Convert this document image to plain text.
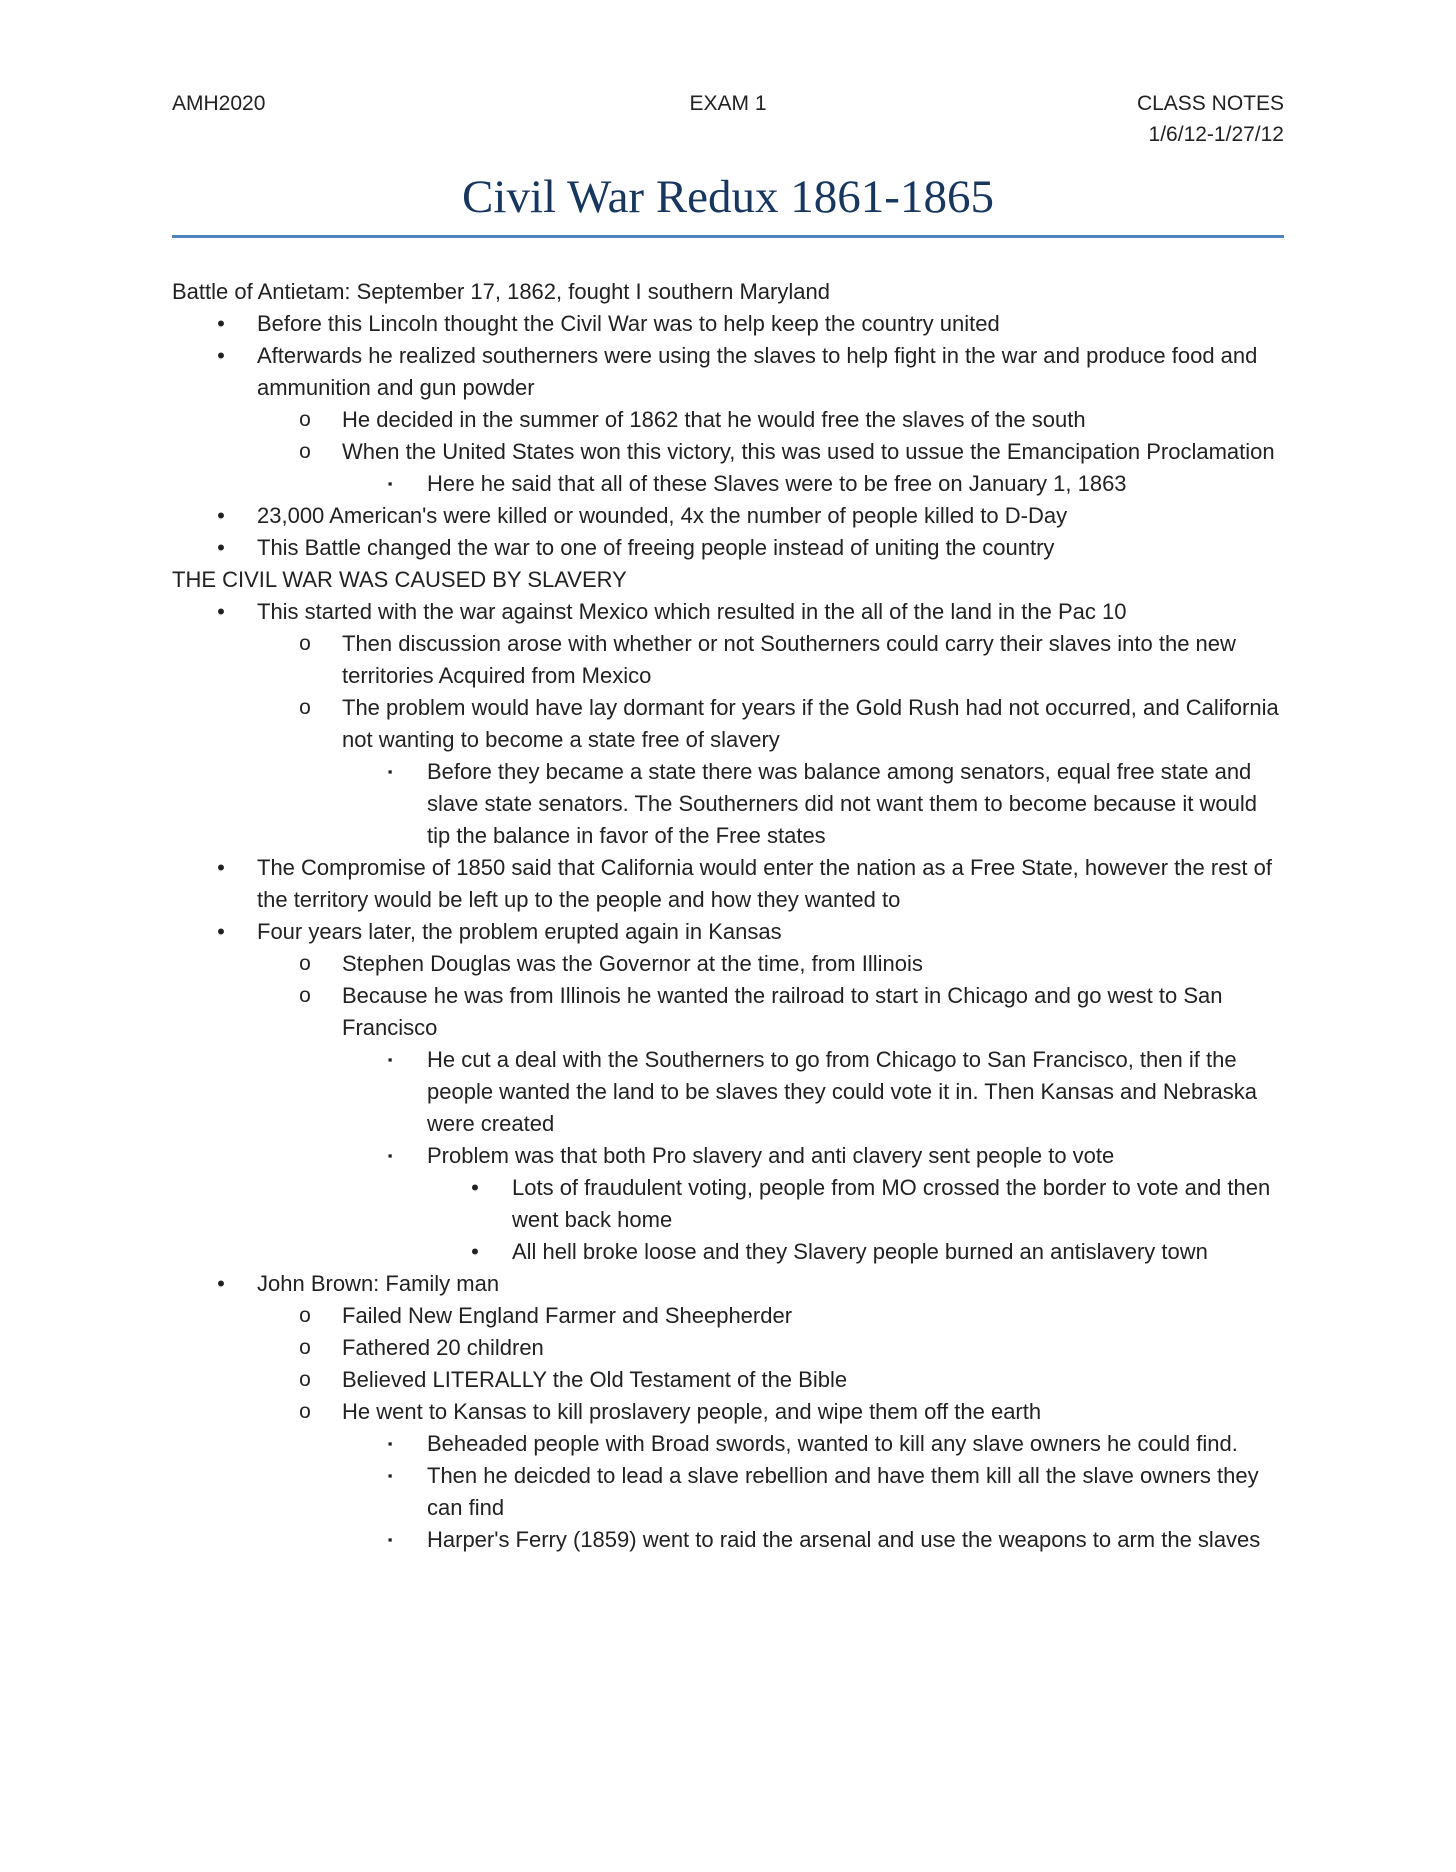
EXAM 1
AMH2020	CLASS NOTES
1/6/12-1/27/12
Civil War Redux 1861-1865
Battle of Antietam: September 17, 1862, fought I southern Maryland
•	Before this Lincoln thought the Civil War was to help keep the country united
•	Afterwards he realized southerners were using the slaves to help fight in the war and produce food and ammunition and gun powder
o	He decided in the summer of 1862 that he would free the slaves of the south
o	When the United States won this victory, this was used to ussue the Emancipation Proclamation
▪	Here he said that all of these Slaves were to be free on January 1, 1863
•	23,000 American's were killed or wounded, 4x the number of people killed to D-Day
•	This Battle changed the war to one of freeing people instead of uniting the country
THE CIVIL WAR WAS CAUSED BY SLAVERY
•	This started with the war against Mexico which resulted in the all of the land in the Pac 10
o	Then discussion arose with whether or not Southerners could carry their slaves into the new territories Acquired from Mexico
o	The problem would have lay dormant for years if the Gold Rush had not occurred, and California not wanting to become a state free of slavery
▪	Before they became a state there was balance among senators, equal free state and slave state senators. The Southerners did not want them to become because it would tip the balance in favor of the Free states
•	The Compromise of 1850 said that California would enter the nation as a Free State, however the rest of the territory would be left up to the people and how they wanted to
•	Four years later, the problem erupted again in Kansas
o	Stephen Douglas was the Governor at the time, from Illinois
o	Because he was from Illinois he wanted the railroad to start in Chicago and go west to San Francisco
▪	He cut a deal with the Southerners to go from Chicago to San Francisco, then if the people wanted the land to be slaves they could vote it in. Then Kansas and Nebraska were created
▪	Problem was that both Pro slavery and anti clavery sent people to vote
•	Lots of fraudulent voting, people from MO crossed the border to vote and then went back home
•	All hell broke loose and they Slavery people burned an antislavery town
•	John Brown: Family man
o	Failed New England Farmer and Sheepherder
o	Fathered 20 children
o	Believed LITERALLY the Old Testament of the Bible
o	He went to Kansas to kill proslavery people, and wipe them off the earth
▪	Beheaded people with Broad swords, wanted to kill any slave owners he could find.
▪	Then he deicded to lead a slave rebellion and have them kill all the slave owners they can find
▪	Harper's Ferry (1859) went to raid the arsenal and use the weapons to arm the slaves
